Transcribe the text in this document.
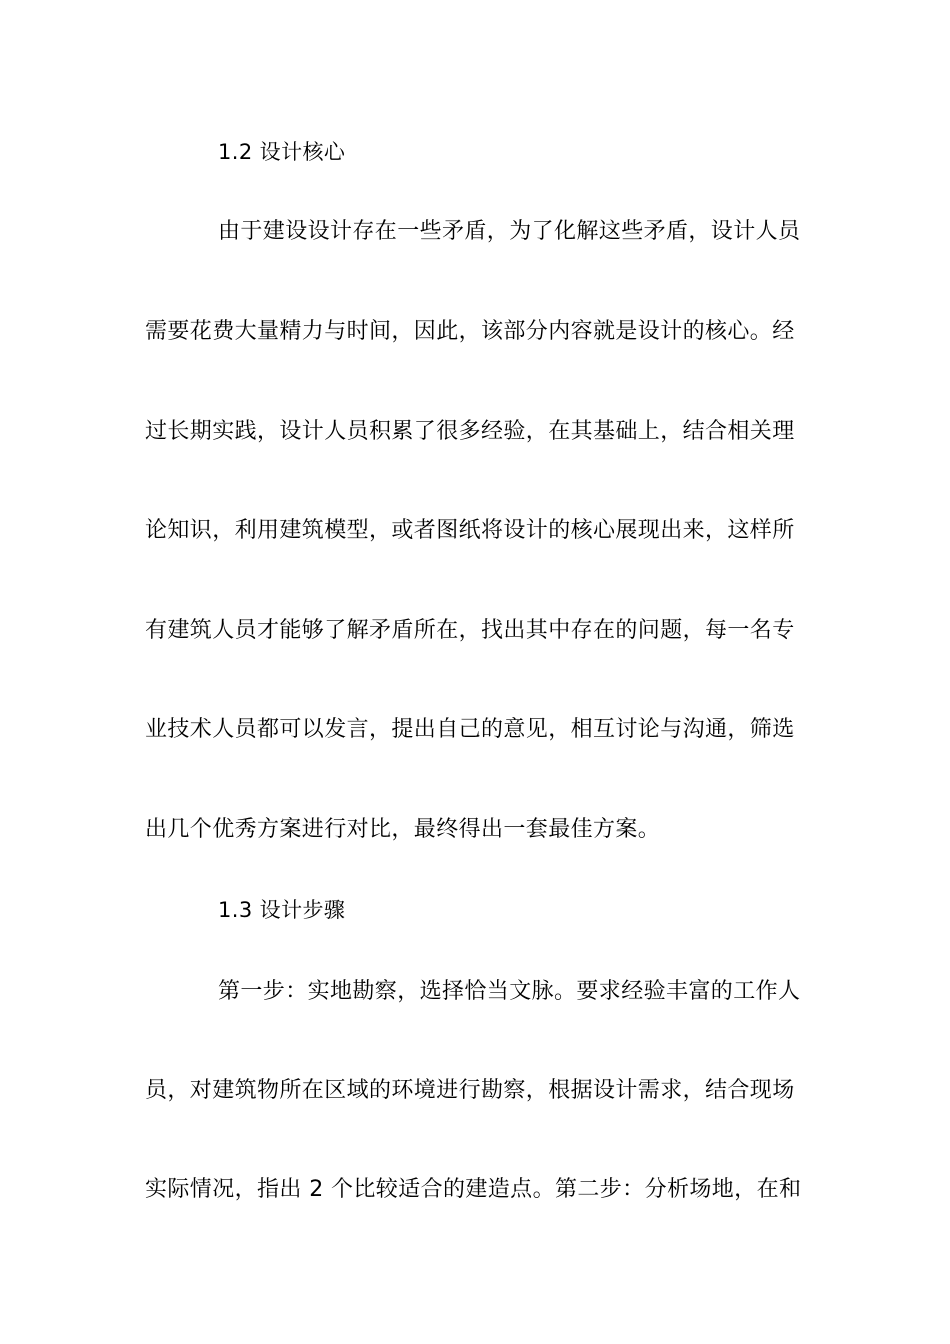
1.2 设计核心
由于建设设计存在一些矛盾，为了化解这些矛盾，设计人员
需要花费大量精力与时间，因此，该部分内容就是设计的核心。经
过长期实践，设计人员积累了很多经验，在其基础上，结合相关理
论知识，利用建筑模型，或者图纸将设计的核心展现出来，这样所
有建筑人员才能够了解矛盾所在，找出其中存在的问题，每一名专
业技术人员都可以发言，提出自己的意见，相互讨论与沟通，筛选
出几个优秀方案进行对比，最终得出一套最佳方案。
1.3 设计步骤
第一步：实地勘察，选择恰当文脉。要求经验丰富的工作人
员，对建筑物所在区域的环境进行勘察，根据设计需求，结合现场
实际情况，指出 2 个比较适合的建造点。第二步：分析场地，在和
